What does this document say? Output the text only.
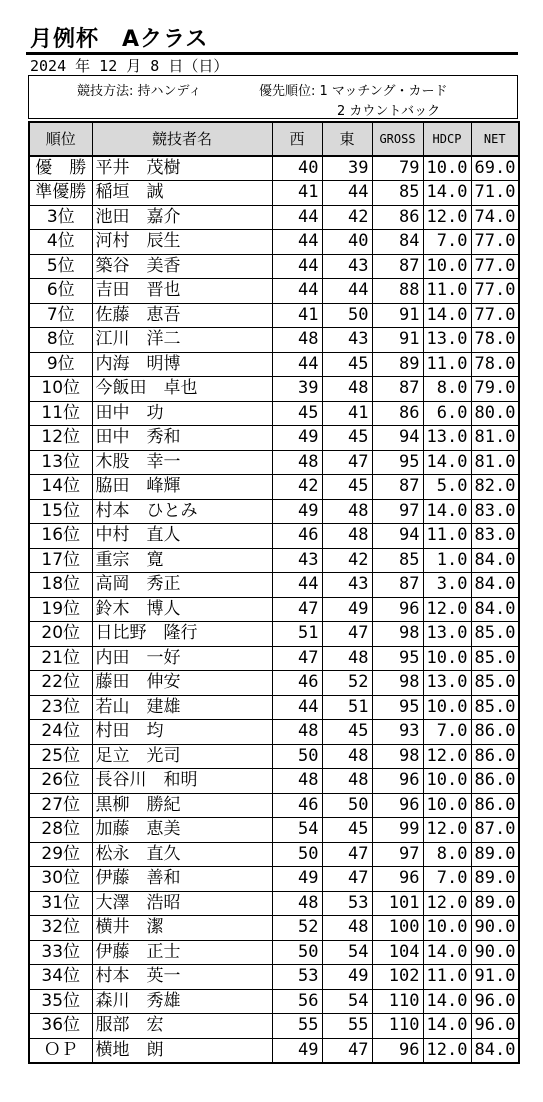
月例杯　Aクラス
2024 年 12 月 8 日（日）
競技方法: 持ハンディ	優先順位: 1 マッチング・カード
2 カウントバック
順位	競技者名	西	東	GROSS	HDCP	NET
優　勝	平井　茂樹	40	39	79	10.0	69.0
準優勝	稲垣　誠	41	44	85	14.0	71.0
3位	池田　嘉介	44	42	86	12.0	74.0
4位	河村　辰生	44	40	84	7.0	77.0
5位	築谷　美香	44	43	87	10.0	77.0
6位	吉田　晋也	44	44	88	11.0	77.0
7位	佐藤　恵吾	41	50	91	14.0	77.0
8位	江川　洋二	48	43	91	13.0	78.0
9位	内海　明博	44	45	89	11.0	78.0
10位	今飯田　卓也	39	48	87	8.0	79.0
11位	田中　功	45	41	86	6.0	80.0
12位	田中　秀和	49	45	94	13.0	81.0
13位	木股　幸一	48	47	95	14.0	81.0
14位	脇田　峰輝	42	45	87	5.0	82.0
15位	村本　ひとみ	49	48	97	14.0	83.0
16位	中村　直人	46	48	94	11.0	83.0
17位	重宗　寛	43	42	85	1.0	84.0
18位	高岡　秀正	44	43	87	3.0	84.0
19位	鈴木　博人	47	49	96	12.0	84.0
20位	日比野　隆行	51	47	98	13.0	85.0
21位	内田　一好	47	48	95	10.0	85.0
22位	藤田　伸安	46	52	98	13.0	85.0
23位	若山　建雄	44	51	95	10.0	85.0
24位	村田　均	48	45	93	7.0	86.0
25位	足立　光司	50	48	98	12.0	86.0
26位	長谷川　和明	48	48	96	10.0	86.0
27位	黒柳　勝紀	46	50	96	10.0	86.0
28位	加藤　恵美	54	45	99	12.0	87.0
29位	松永　直久	50	47	97	8.0	89.0
30位	伊藤　善和	49	47	96	7.0	89.0
31位	大澤　浩昭	48	53	101	12.0	89.0
32位	横井　潔	52	48	100	10.0	90.0
33位	伊藤　正士	50	54	104	14.0	90.0
34位	村本　英一	53	49	102	11.0	91.0
35位	森川　秀雄	56	54	110	14.0	96.0
36位	服部　宏	55	55	110	14.0	96.0
ＯＰ	横地　朗	49	47	96	12.0	84.0
